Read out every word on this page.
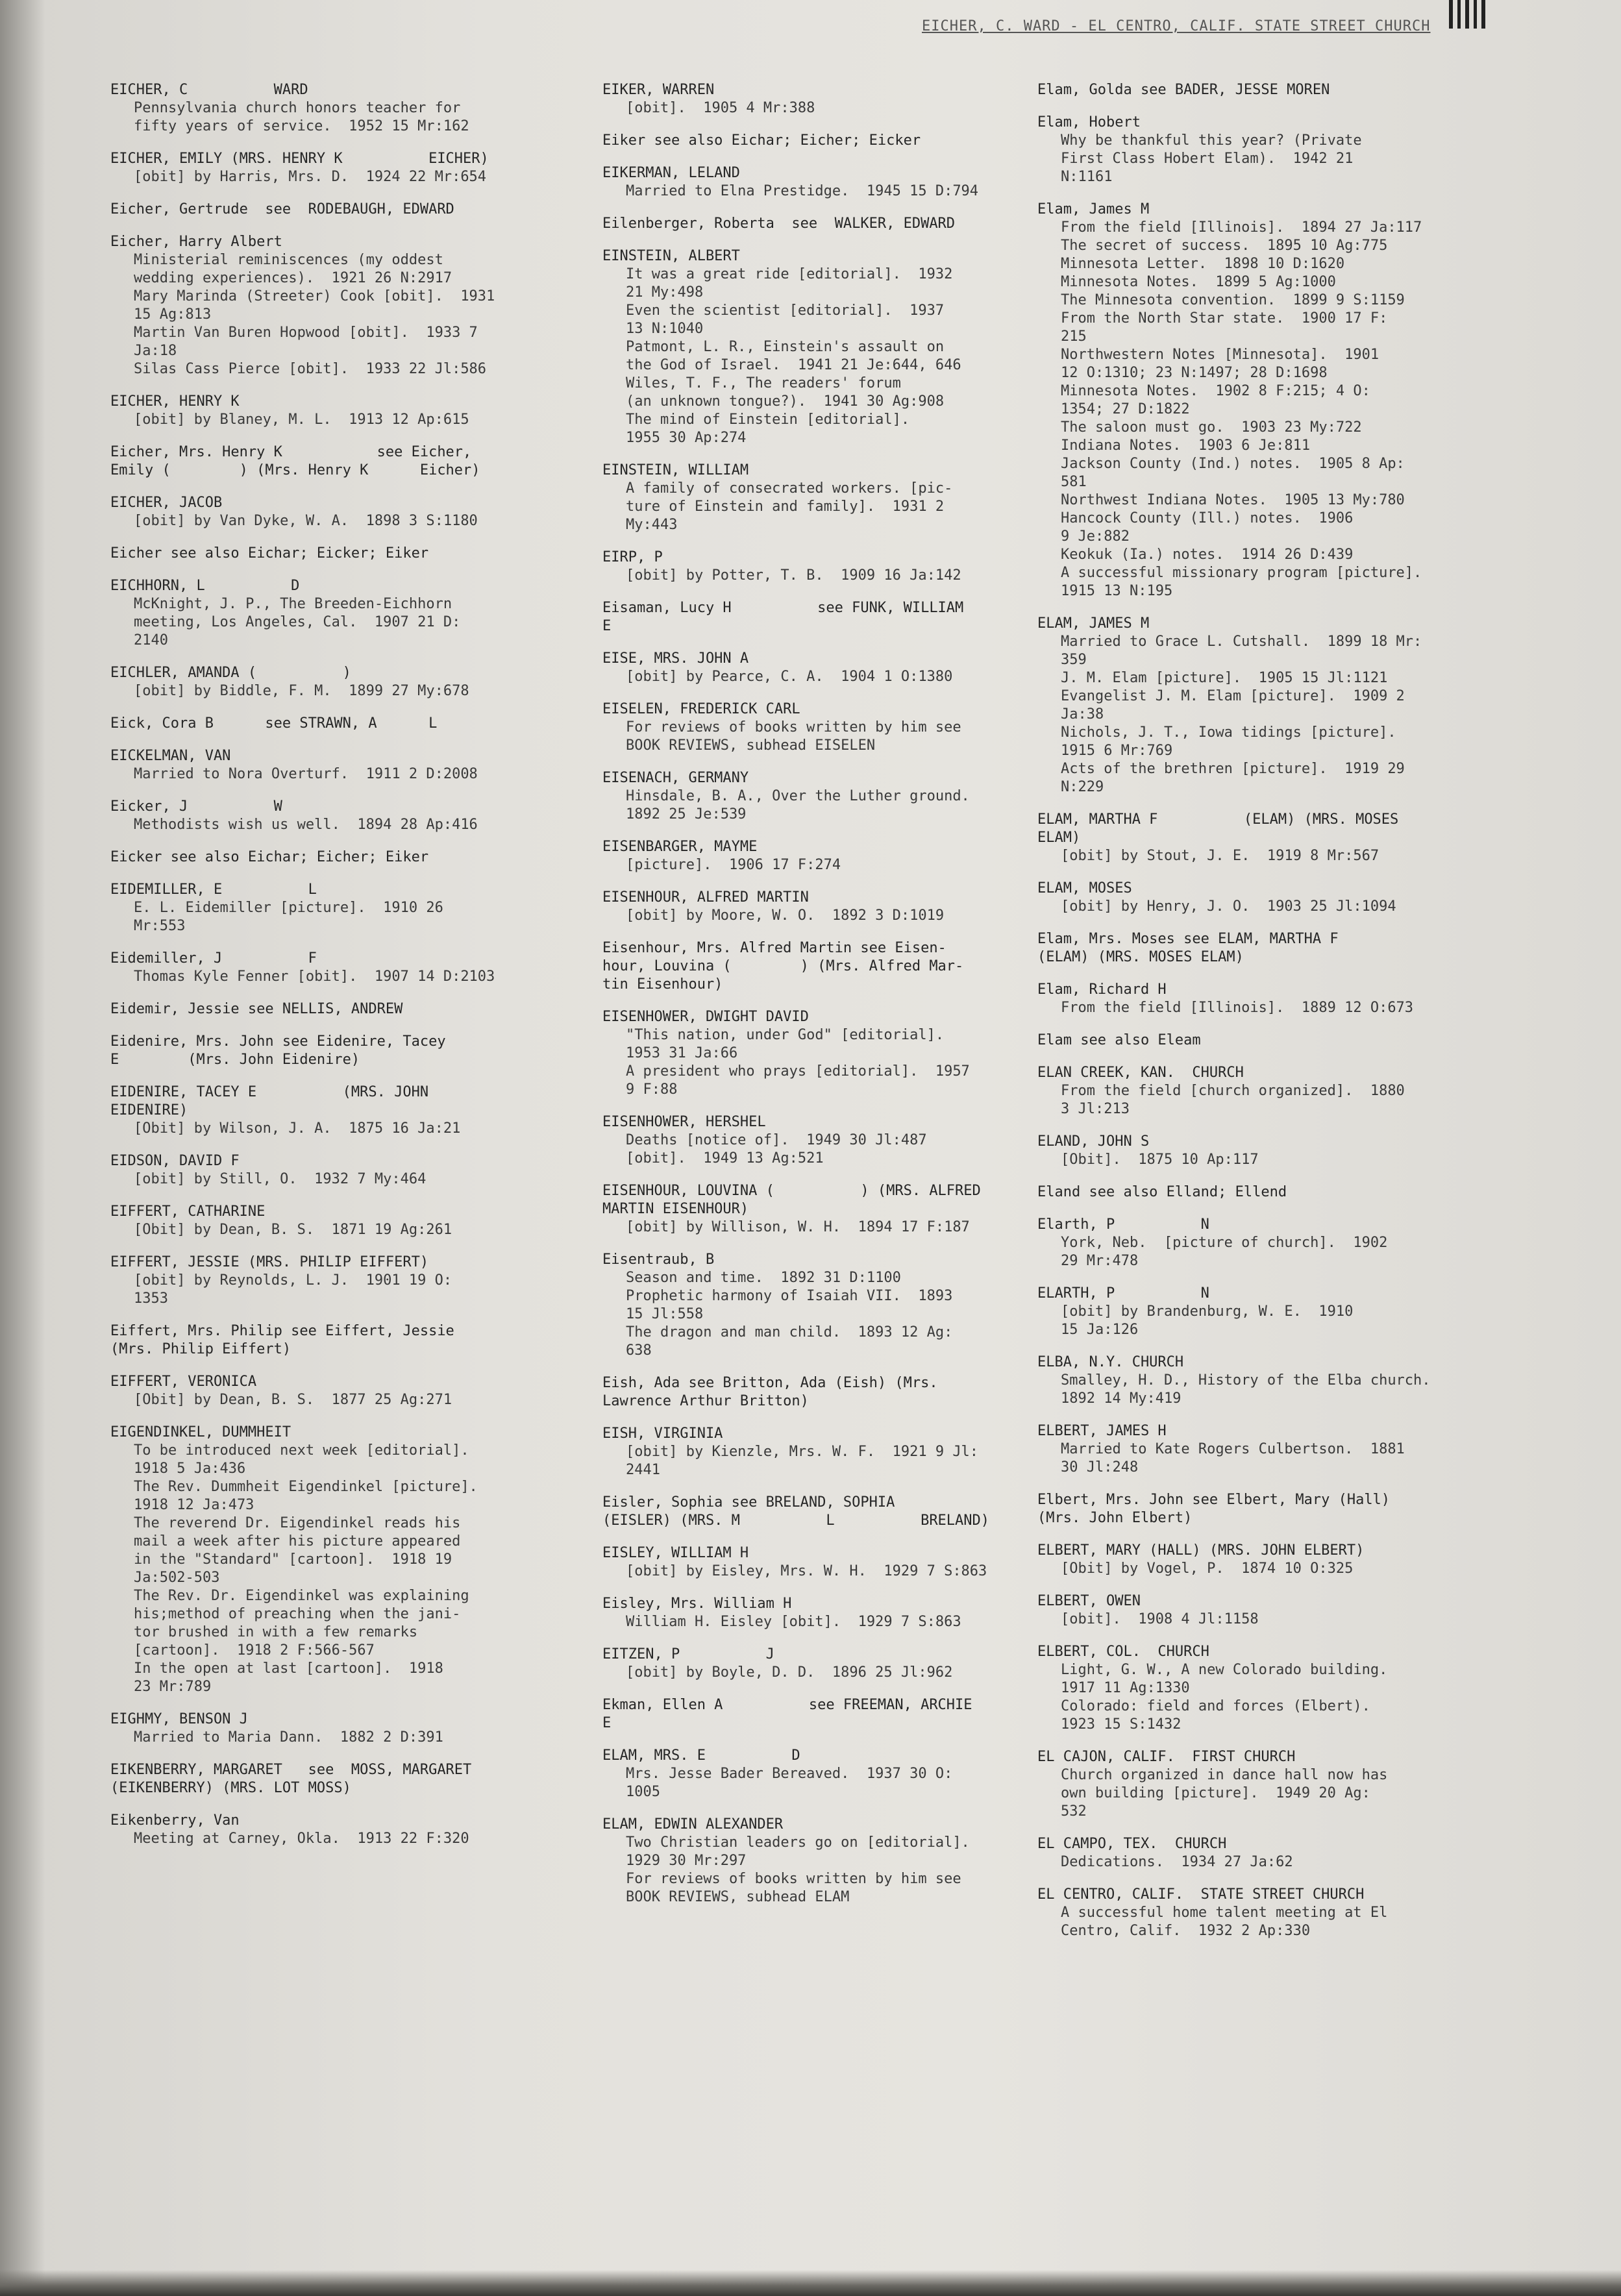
EICHER, C. WARD - EL CENTRO, CALIF. STATE STREET CHURCH
EICHER, C          WARD
Pennsylvania church honors teacher for
fifty years of service.  1952 15 Mr:162
EICHER, EMILY (MRS. HENRY K          EICHER)
[obit] by Harris, Mrs. D.  1924 22 Mr:654
Eicher, Gertrude  see  RODEBAUGH, EDWARD
Eicher, Harry Albert
Ministerial reminiscences (my oddest
wedding experiences).  1921 26 N:2917
Mary Marinda (Streeter) Cook [obit].  1931
15 Ag:813
Martin Van Buren Hopwood [obit].  1933 7
Ja:18
Silas Cass Pierce [obit].  1933 22 Jl:586
EICHER, HENRY K
[obit] by Blaney, M. L.  1913 12 Ap:615
Eicher, Mrs. Henry K           see Eicher,
Emily (        ) (Mrs. Henry K      Eicher)
EICHER, JACOB
[obit] by Van Dyke, W. A.  1898 3 S:1180
Eicher see also Eichar; Eicker; Eiker
EICHHORN, L          D
McKnight, J. P., The Breeden-Eichhorn
meeting, Los Angeles, Cal.  1907 21 D:
2140
EICHLER, AMANDA (          )
[obit] by Biddle, F. M.  1899 27 My:678
Eick, Cora B      see STRAWN, A      L
EICKELMAN, VAN
Married to Nora Overturf.  1911 2 D:2008
Eicker, J          W
Methodists wish us well.  1894 28 Ap:416
Eicker see also Eichar; Eicher; Eiker
EIDEMILLER, E          L
E. L. Eidemiller [picture].  1910 26
Mr:553
Eidemiller, J          F
Thomas Kyle Fenner [obit].  1907 14 D:2103
Eidemir, Jessie see NELLIS, ANDREW
Eidenire, Mrs. John see Eidenire, Tacey
E        (Mrs. John Eidenire)
EIDENIRE, TACEY E          (MRS. JOHN
EIDENIRE)
[Obit] by Wilson, J. A.  1875 16 Ja:21
EIDSON, DAVID F
[obit] by Still, O.  1932 7 My:464
EIFFERT, CATHARINE
[Obit] by Dean, B. S.  1871 19 Ag:261
EIFFERT, JESSIE (MRS. PHILIP EIFFERT)
[obit] by Reynolds, L. J.  1901 19 O:
1353
Eiffert, Mrs. Philip see Eiffert, Jessie
(Mrs. Philip Eiffert)
EIFFERT, VERONICA
[Obit] by Dean, B. S.  1877 25 Ag:271
EIGENDINKEL, DUMMHEIT
To be introduced next week [editorial].
1918 5 Ja:436
The Rev. Dummheit Eigendinkel [picture].
1918 12 Ja:473
The reverend Dr. Eigendinkel reads his
mail a week after his picture appeared
in the "Standard" [cartoon].  1918 19
Ja:502-503
The Rev. Dr. Eigendinkel was explaining
his;method of preaching when the jani-
tor brushed in with a few remarks
[cartoon].  1918 2 F:566-567
In the open at last [cartoon].  1918
23 Mr:789
EIGHMY, BENSON J
Married to Maria Dann.  1882 2 D:391
EIKENBERRY, MARGARET   see  MOSS, MARGARET
(EIKENBERRY) (MRS. LOT MOSS)
Eikenberry, Van
Meeting at Carney, Okla.  1913 22 F:320
EIKER, WARREN
[obit].  1905 4 Mr:388
Eiker see also Eichar; Eicher; Eicker
EIKERMAN, LELAND
Married to Elna Prestidge.  1945 15 D:794
Eilenberger, Roberta  see  WALKER, EDWARD
EINSTEIN, ALBERT
It was a great ride [editorial].  1932
21 My:498
Even the scientist [editorial].  1937
13 N:1040
Patmont, L. R., Einstein's assault on
the God of Israel.  1941 21 Je:644, 646
Wiles, T. F., The readers' forum
(an unknown tongue?).  1941 30 Ag:908
The mind of Einstein [editorial].
1955 30 Ap:274
EINSTEIN, WILLIAM
A family of consecrated workers. [pic-
ture of Einstein and family].  1931 2
My:443
EIRP, P
[obit] by Potter, T. B.  1909 16 Ja:142
Eisaman, Lucy H          see FUNK, WILLIAM
E
EISE, MRS. JOHN A
[obit] by Pearce, C. A.  1904 1 O:1380
EISELEN, FREDERICK CARL
For reviews of books written by him see
BOOK REVIEWS, subhead EISELEN
EISENACH, GERMANY
Hinsdale, B. A., Over the Luther ground.
1892 25 Je:539
EISENBARGER, MAYME
[picture].  1906 17 F:274
EISENHOUR, ALFRED MARTIN
[obit] by Moore, W. O.  1892 3 D:1019
Eisenhour, Mrs. Alfred Martin see Eisen-
hour, Louvina (        ) (Mrs. Alfred Mar-
tin Eisenhour)
EISENHOWER, DWIGHT DAVID
"This nation, under God" [editorial].
1953 31 Ja:66
A president who prays [editorial].  1957
9 F:88
EISENHOWER, HERSHEL
Deaths [notice of].  1949 30 Jl:487
[obit].  1949 13 Ag:521
EISENHOUR, LOUVINA (          ) (MRS. ALFRED
MARTIN EISENHOUR)
[obit] by Willison, W. H.  1894 17 F:187
Eisentraub, B
Season and time.  1892 31 D:1100
Prophetic harmony of Isaiah VII.  1893
15 Jl:558
The dragon and man child.  1893 12 Ag:
638
Eish, Ada see Britton, Ada (Eish) (Mrs.
Lawrence Arthur Britton)
EISH, VIRGINIA
[obit] by Kienzle, Mrs. W. F.  1921 9 Jl:
2441
Eisler, Sophia see BRELAND, SOPHIA
(EISLER) (MRS. M          L          BRELAND)
EISLEY, WILLIAM H
[obit] by Eisley, Mrs. W. H.  1929 7 S:863
Eisley, Mrs. William H
William H. Eisley [obit].  1929 7 S:863
EITZEN, P          J
[obit] by Boyle, D. D.  1896 25 Jl:962
Ekman, Ellen A          see FREEMAN, ARCHIE
E
ELAM, MRS. E          D
Mrs. Jesse Bader Bereaved.  1937 30 O:
1005
ELAM, EDWIN ALEXANDER
Two Christian leaders go on [editorial].
1929 30 Mr:297
For reviews of books written by him see
BOOK REVIEWS, subhead ELAM
Elam, Golda see BADER, JESSE MOREN
Elam, Hobert
Why be thankful this year? (Private
First Class Hobert Elam).  1942 21
N:1161
Elam, James M
From the field [Illinois].  1894 27 Ja:117
The secret of success.  1895 10 Ag:775
Minnesota Letter.  1898 10 D:1620
Minnesota Notes.  1899 5 Ag:1000
The Minnesota convention.  1899 9 S:1159
From the North Star state.  1900 17 F:
215
Northwestern Notes [Minnesota].  1901
12 O:1310; 23 N:1497; 28 D:1698
Minnesota Notes.  1902 8 F:215; 4 O:
1354; 27 D:1822
The saloon must go.  1903 23 My:722
Indiana Notes.  1903 6 Je:811
Jackson County (Ind.) notes.  1905 8 Ap:
581
Northwest Indiana Notes.  1905 13 My:780
Hancock County (Ill.) notes.  1906
9 Je:882
Keokuk (Ia.) notes.  1914 26 D:439
A successful missionary program [picture].
1915 13 N:195
ELAM, JAMES M
Married to Grace L. Cutshall.  1899 18 Mr:
359
J. M. Elam [picture].  1905 15 Jl:1121
Evangelist J. M. Elam [picture].  1909 2
Ja:38
Nichols, J. T., Iowa tidings [picture].
1915 6 Mr:769
Acts of the brethren [picture].  1919 29
N:229
ELAM, MARTHA F          (ELAM) (MRS. MOSES
ELAM)
[obit] by Stout, J. E.  1919 8 Mr:567
ELAM, MOSES
[obit] by Henry, J. O.  1903 25 Jl:1094
Elam, Mrs. Moses see ELAM, MARTHA F
(ELAM) (MRS. MOSES ELAM)
Elam, Richard H
From the field [Illinois].  1889 12 O:673
Elam see also Eleam
ELAN CREEK, KAN.  CHURCH
From the field [church organized].  1880
3 Jl:213
ELAND, JOHN S
[Obit].  1875 10 Ap:117
Eland see also Elland; Ellend
Elarth, P          N
York, Neb.  [picture of church].  1902
29 Mr:478
ELARTH, P          N
[obit] by Brandenburg, W. E.  1910
15 Ja:126
ELBA, N.Y. CHURCH
Smalley, H. D., History of the Elba church.
1892 14 My:419
ELBERT, JAMES H
Married to Kate Rogers Culbertson.  1881
30 Jl:248
Elbert, Mrs. John see Elbert, Mary (Hall)
(Mrs. John Elbert)
ELBERT, MARY (HALL) (MRS. JOHN ELBERT)
[Obit] by Vogel, P.  1874 10 O:325
ELBERT, OWEN
[obit].  1908 4 Jl:1158
ELBERT, COL.  CHURCH
Light, G. W., A new Colorado building.
1917 11 Ag:1330
Colorado: field and forces (Elbert).
1923 15 S:1432
EL CAJON, CALIF.  FIRST CHURCH
Church organized in dance hall now has
own building [picture].  1949 20 Ag:
532
EL CAMPO, TEX.  CHURCH
Dedications.  1934 27 Ja:62
EL CENTRO, CALIF.  STATE STREET CHURCH
A successful home talent meeting at El
Centro, Calif.  1932 2 Ap:330
